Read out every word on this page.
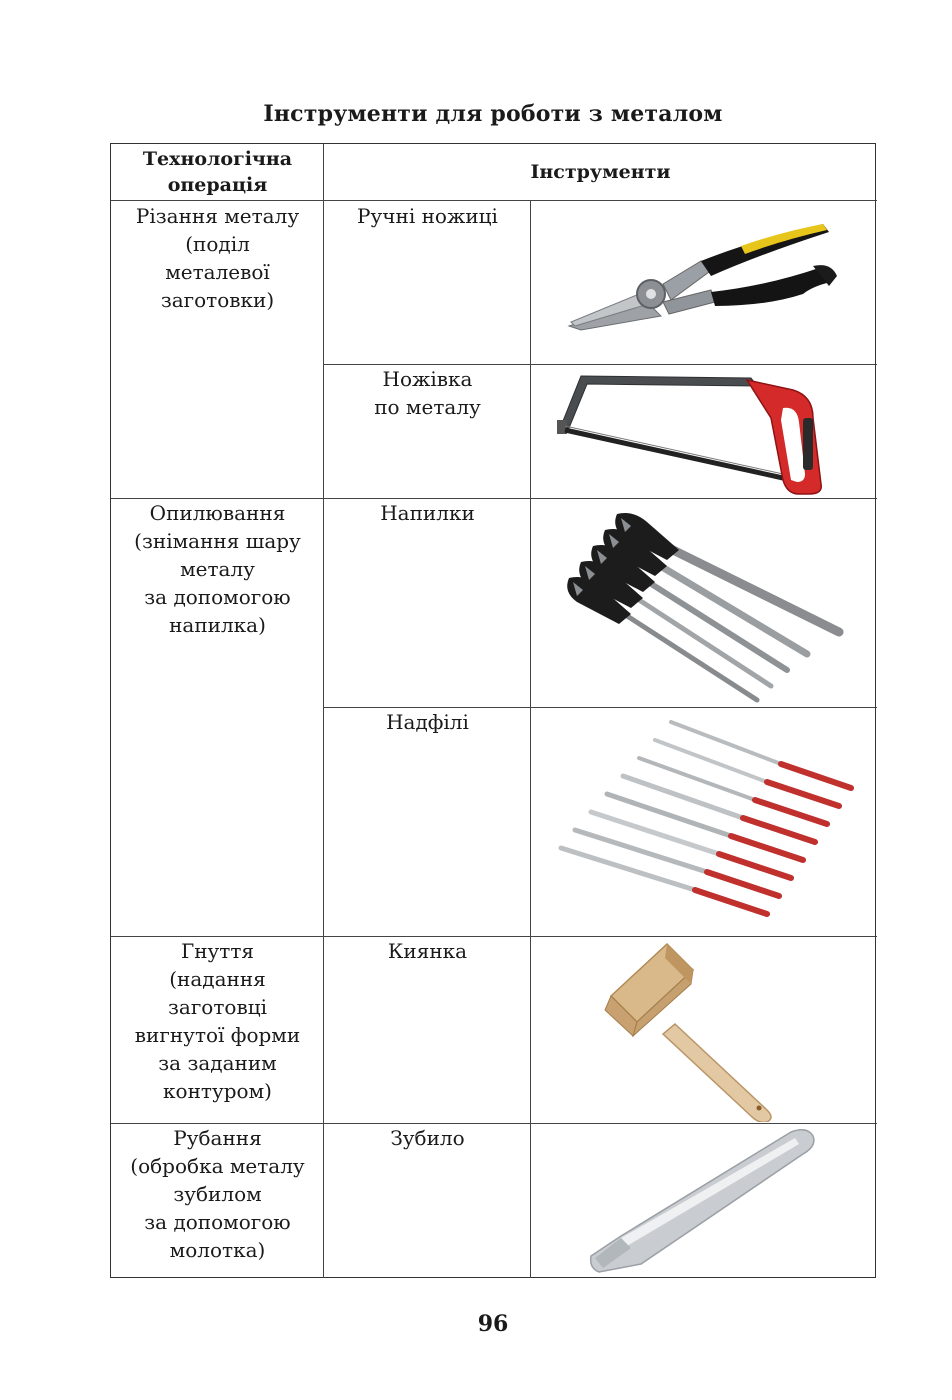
Інструменти для роботи з металом
Технологічна операція
Інструменти
Різання металу
(поділ
металевої
заготовки)
Опилювання
(знімання шару
металу
за допомогою
напилка)
Гнуття
(надання
заготовці
вигнутої форми
за заданим
контуром)
Рубання
(обробка металу
зубилом
за допомогою
молотка)
Ручні ножиці
Ножівка
по металу
Напилки
Надфілі
Киянка
Зубило
96
